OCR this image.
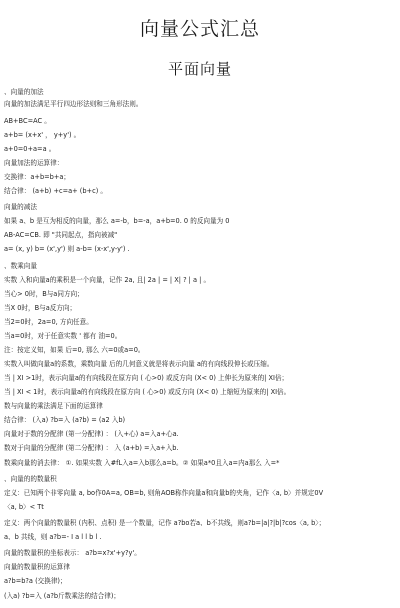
向量公式汇总
平面向量
、向量的加法
向量的加法满足平行四边形法则和三角形法则。
AB+BC=AC 。
a+b= (x+x' ， y+y') 。
a+0=0+a=a 。
向量加法的运算律：
交换律：a+b=b+a；
结合律： (a+b) +c=a+ (b+c) 。
向量的减法
如果 a、b 是互为相反的向量，那么 a=-b，b=-a，a+b=0. 0 的反向量为 0
AB-AC=CB. 即 "共同起点，指向被减"
a= (x, y) b= (x',y') 则 a-b= (x-x',y-y') .
、数乘向量
实数 入和向量a的乘积是一个向量，记作 2a, 且| 2a | = | X| ? | a | 。
当心> 0时，B与a同方向；
当X 0时，B与a反方向；
当2=0时，2a=0, 方向任意。
当a=0时，对于任意实数 ' 都有 油=0。
注：按定义知，如果 后=0, 那么 六=0或a=0。
实数入叫做向量a的系数，乘数向量 后的几何意义就是将表示向量 a的有向线段伸长或压缩。
当 | XI >1时，表示向量a的有向线段在原方向 ( 心>0) 或反方向 (X< 0) 上伸长为原来的| XI倍；
当 | XI < 1时，表示向量a的有向线段在原方向 ( 心>0) 或反方向 (X< 0) 上缩短为原来的| XI倍。
数与向量的乘法满足下面的运算律
结合律： (入a) ?b=入 (a?b) = (a2 入b)
向量对于数的分配律 (第一分配律) ： (入+心) a=入a+心a.
数对于向量的分配律 (第二分配律) ： 入 (a+b) =入a+入b.
数乘向量的消去律： ①. 如果实数 入#fL入a=入b那么a=b。② 如果a*0且入a=内a那么 入=*
、向量的的数量积
定义：已知两个非零向量 a, bo作0A=a, OB=b, 则角AOB称作向量a和向量b的夹角，记作〈a, b〉并规定0V
〈a, b〉< Tt
定义：两个向量的数量积 (内积、点积) 是一个数量，记作 a?bo若a、b不共线，则a?b=|a|?|b|?cos〈a, b〉；
a、b 共线，则 a?b=- I a l l b l .
向量的数量积的坐标表示： a?b=x?x'+y?y'。
向量的数量积的运算律
a?b=b?a (交换律)；
(入a) ?b=入 (a?b斤数乘法的结合律)；
